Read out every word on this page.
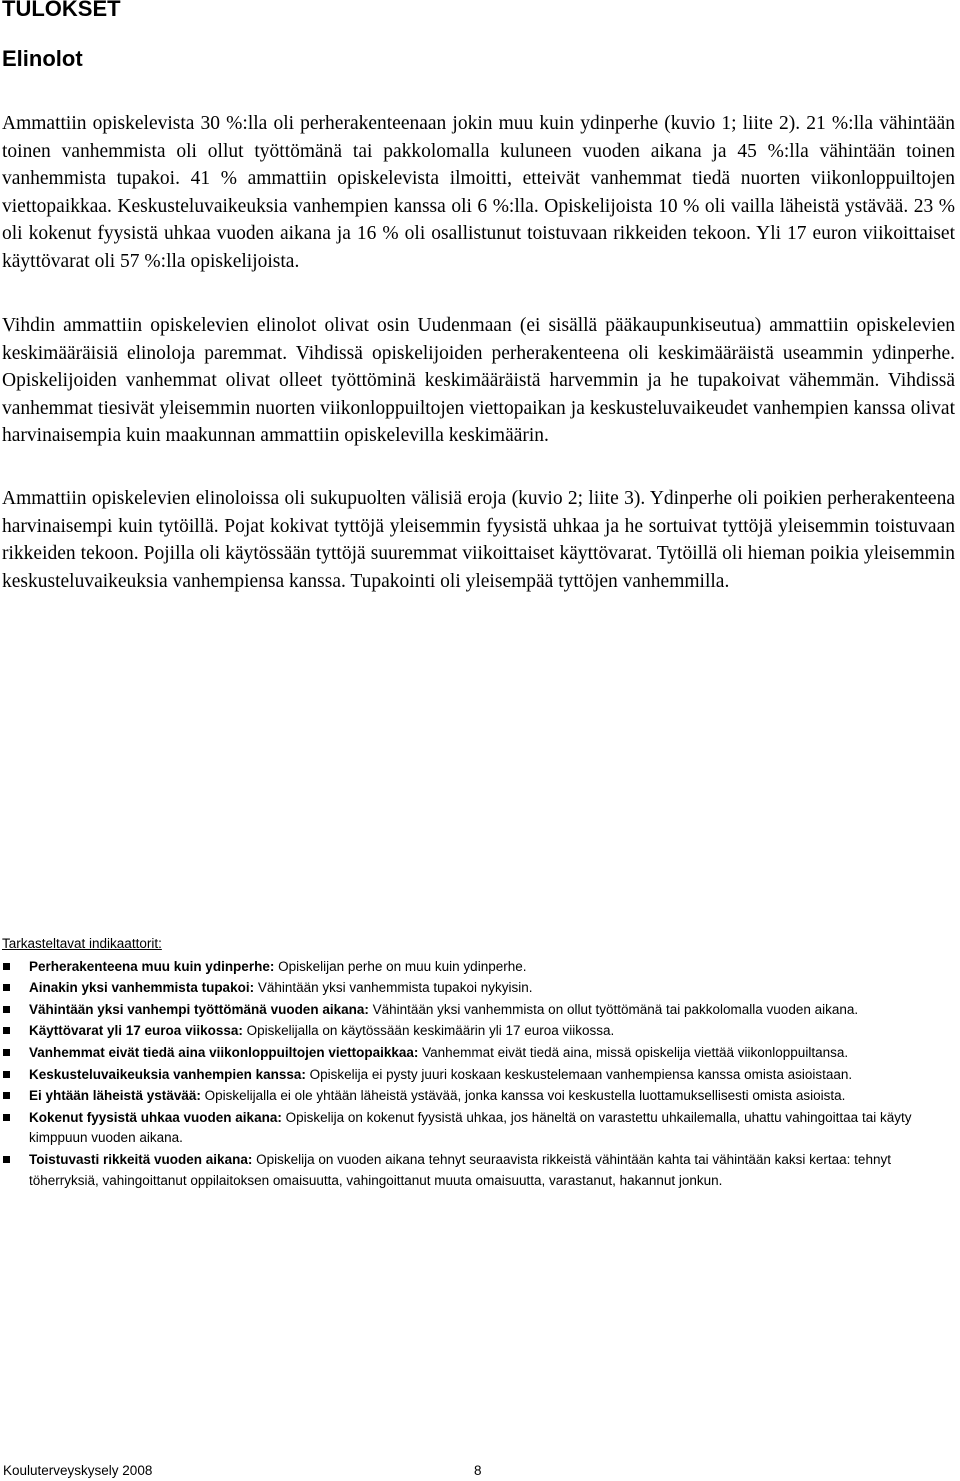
TULOKSET
Elinolot

Ammattiin opiskelevista 30 %:lla oli perherakenteenaan jokin muu kuin ydinperhe (kuvio 1; liite 2). 21 %:lla vähintään toinen vanhemmista oli ollut työttömänä tai pakkolomalla kuluneen vuoden aikana ja 45 %:lla vähintään toinen vanhemmista tupakoi. 41 % ammattiin opiskelevista ilmoitti, etteivät vanhemmat tiedä nuorten viikonloppuiltojen viettopaikkaa. Keskusteluvaikeuksia vanhempien kanssa oli 6 %:lla. Opiskelijoista 10 % oli vailla läheistä ystävää. 23 % oli kokenut fyysistä uhkaa vuoden aikana ja 16 % oli osallistunut toistuvaan rikkeiden tekoon. Yli 17 euron viikoittaiset käyttövarat oli 57 %:lla opiskelijoista.

Vihdin ammattiin opiskelevien elinolot olivat osin Uudenmaan (ei sisällä pääkaupunkiseutua) ammattiin opiskelevien keskimääräisiä elinoloja paremmat. Vihdissä opiskelijoiden perherakenteena oli keskimääräistä useammin ydinperhe. Opiskelijoiden vanhemmat olivat olleet työttöminä keskimääräistä harvemmin ja he tupakoivat vähemmän. Vihdissä vanhemmat tiesivät yleisemmin nuorten viikonloppuiltojen viettopaikan ja keskusteluvaikeudet vanhempien kanssa olivat harvinaisempia kuin maakunnan ammattiin opiskelevilla keskimäärin.

Ammattiin opiskelevien elinoloissa oli sukupuolten välisiä eroja (kuvio 2; liite 3). Ydinperhe oli poikien perherakenteena harvinaisempi kuin tytöillä. Pojat kokivat tyttöjä yleisemmin fyysistä uhkaa ja he sortuivat tyttöjä yleisemmin toistuvaan rikkeiden tekoon. Pojilla oli käytössään tyttöjä suuremmat viikoittaiset käyttövarat. Tytöillä oli hieman poikia yleisemmin keskusteluvaikeuksia vanhempiensa kanssa. Tupakointi oli yleisempää tyttöjen vanhemmilla.

Tarkasteltavat indikaattorit:

Perherakenteena muu kuin ydinperhe: Opiskelijan perhe on muu kuin ydinperhe.
Ainakin yksi vanhemmista tupakoi: Vähintään yksi vanhemmista tupakoi nykyisin.
Vähintään yksi vanhempi työttömänä vuoden aikana: Vähintään yksi vanhemmista on ollut työttömänä tai pakkolomalla vuoden aikana.
Käyttövarat yli 17 euroa viikossa: Opiskelijalla on käytössään keskimäärin yli 17 euroa viikossa.
Vanhemmat eivät tiedä aina viikonloppuiltojen viettopaikkaa: Vanhemmat eivät tiedä aina, missä opiskelija viettää viikonloppuiltansa.
Keskusteluvaikeuksia vanhempien kanssa: Opiskelija ei pysty juuri koskaan keskustelemaan vanhempiensa kanssa omista asioistaan.
Ei yhtään läheistä ystävää: Opiskelijalla ei ole yhtään läheistä ystävää, jonka kanssa voi keskustella luottamuksellisesti omista asioista.
Kokenut fyysistä uhkaa vuoden aikana: Opiskelija on kokenut fyysistä uhkaa, jos häneltä on varastettu uhkailemalla, uhattu vahingoittaa tai käyty kimppuun vuoden aikana.
Toistuvasti rikkeitä vuoden aikana: Opiskelija on vuoden aikana tehnyt seuraavista rikkeistä vähintään kahta tai vähintään kaksi kertaa: tehnyt töherryksiä, vahingoittanut oppilaitoksen omaisuutta, vahingoittanut muuta omaisuutta, varastanut, hakannut jonkun.
Kouluterveyskysely 2008	8
